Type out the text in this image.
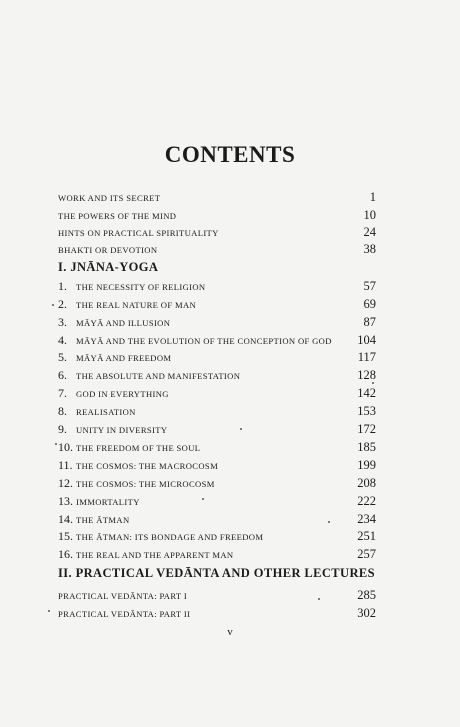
CONTENTS
WORK AND ITS SECRET	1
THE POWERS OF THE MIND	10
HINTS ON PRACTICAL SPIRITUALITY	24
BHAKTI OR DEVOTION	38
I. JNĀNA-YOGA
1.	THE NECESSITY OF RELIGION	57
2.	THE REAL NATURE OF MAN	69
3.	MĀYĀ AND ILLUSION	87
4.	MĀYĀ AND THE EVOLUTION OF THE CONCEPTION OF GOD	104
5.	MĀYĀ AND FREEDOM	117
6.	THE ABSOLUTE AND MANIFESTATION	128
7.	GOD IN EVERYTHING	142
8.	REALISATION	153
9.	UNITY IN DIVERSITY	172
10. THE FREEDOM OF THE SOUL	185
11. THE COSMOS: THE MACROCOSM	199
12. THE COSMOS: THE MICROCOSM	208
13. IMMORTALITY	222
14. THE ĀTMAN	234
15. THE ĀTMAN: ITS BONDAGE AND FREEDOM	251
16. THE REAL AND THE APPARENT MAN	257
II. PRACTICAL VEDĀNTA AND OTHER LECTURES
PRACTICAL VEDĀNTA: PART I	285
PRACTICAL VEDĀNTA: PART II	302
v
